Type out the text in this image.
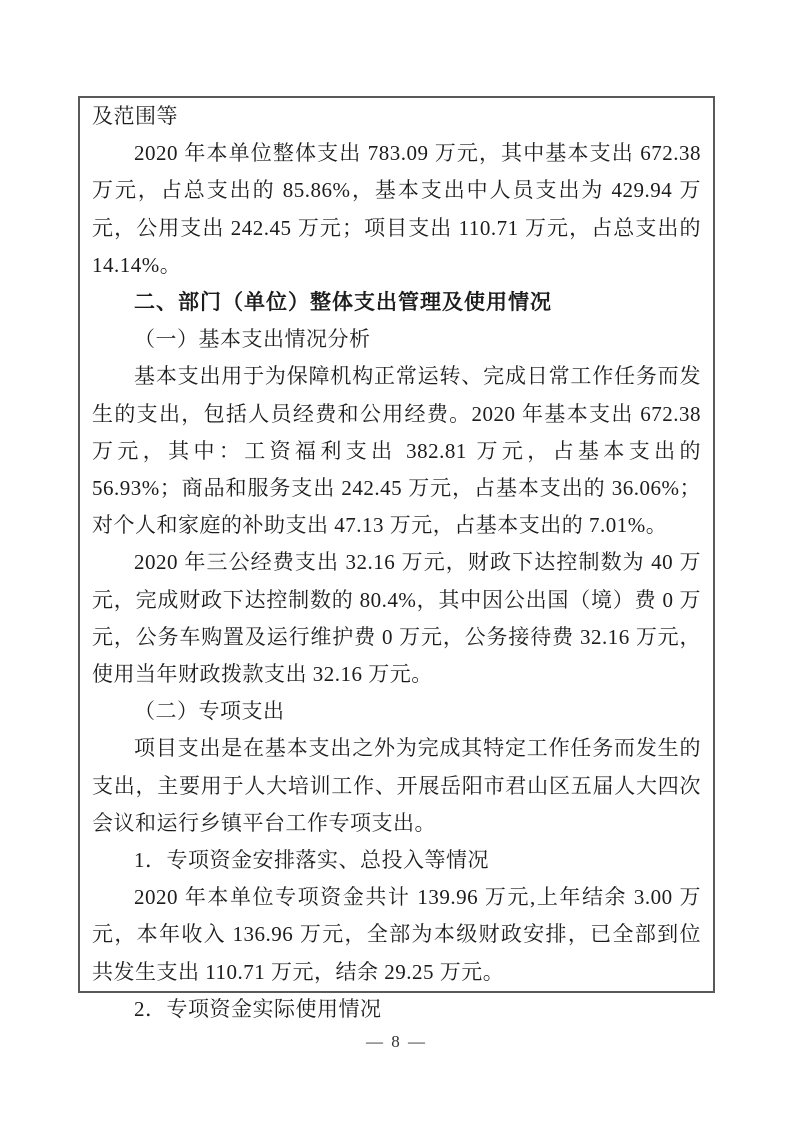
及范围等

2020 年本单位整体支出 783.09 万元，其中基本支出 672.38 万元，占总支出的 85.86%，基本支出中人员支出为 429.94 万元，公用支出 242.45 万元；项目支出 110.71 万元，占总支出的 14.14%。

二、部门（单位）整体支出管理及使用情况

（一）基本支出情况分析

基本支出用于为保障机构正常运转、完成日常工作任务而发生的支出，包括人员经费和公用经费。2020 年基本支出 672.38 万元，其中：工资福利支出 382.81 万元，占基本支出的 56.93%；商品和服务支出 242.45 万元，占基本支出的 36.06%；对个人和家庭的补助支出 47.13 万元，占基本支出的 7.01%。

2020 年三公经费支出 32.16 万元，财政下达控制数为 40 万元，完成财政下达控制数的 80.4%，其中因公出国（境）费 0 万元，公务车购置及运行维护费 0 万元，公务接待费 32.16 万元，使用当年财政拨款支出 32.16 万元。

（二）专项支出

项目支出是在基本支出之外为完成其特定工作任务而发生的支出，主要用于人大培训工作、开展岳阳市君山区五届人大四次会议和运行乡镇平台工作专项支出。

1．专项资金安排落实、总投入等情况

2020 年本单位专项资金共计 139.96 万元,上年结余 3.00 万元，本年收入 136.96 万元，全部为本级财政安排，已全部到位共发生支出 110.71 万元，结余 29.25 万元。

2．专项资金实际使用情况

— 8 —
